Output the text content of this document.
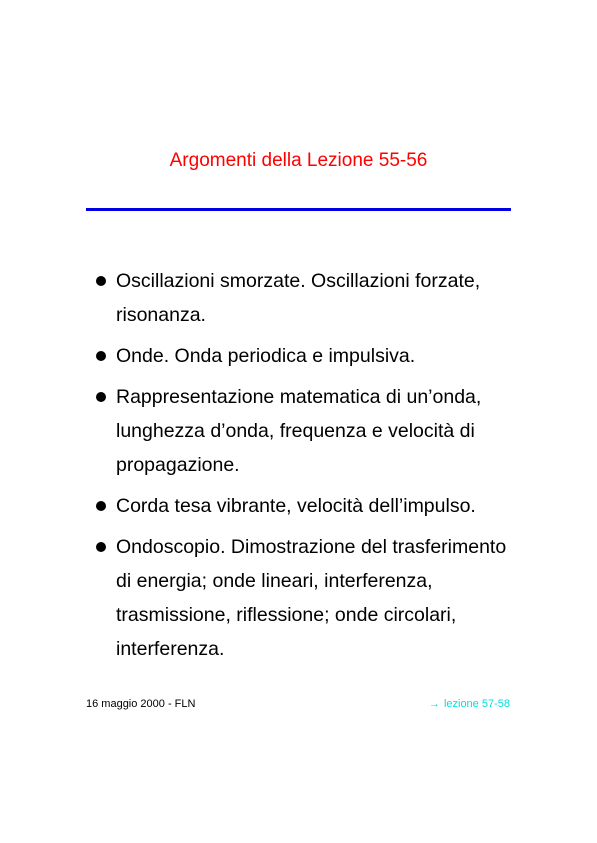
Argomenti della Lezione 55-56
Oscillazioni smorzate. Oscillazioni forzate, risonanza.
Onde. Onda periodica e impulsiva.
Rappresentazione matematica di un’onda, lunghezza d’onda, frequenza e velocità di propagazione.
Corda tesa vibrante, velocità dell’impulso.
Ondoscopio. Dimostrazione del trasferimento di energia; onde lineari, interferenza, trasmissione, riflessione; onde circolari, interferenza.
16 maggio 2000 - FLN	→ lezione 57-58
